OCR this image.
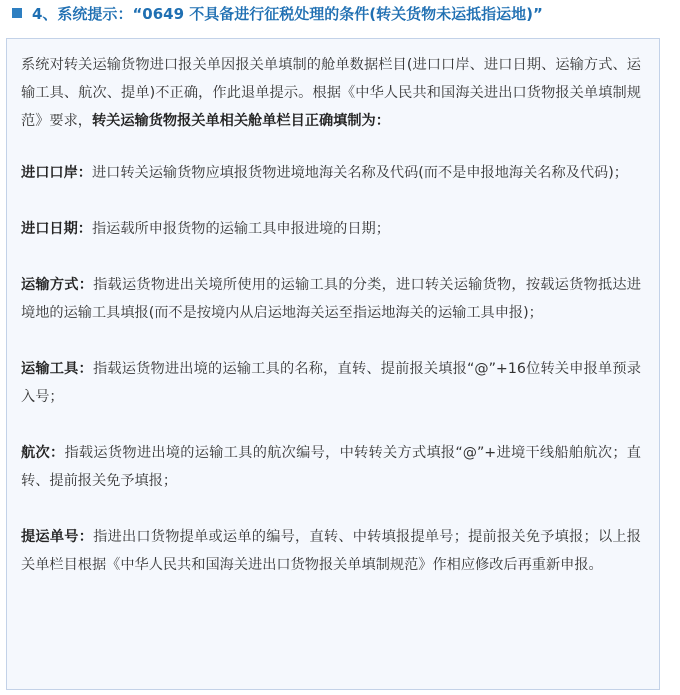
4、系统提示：“0649 不具备进行征税处理的条件(转关货物未运抵指运地)”

系统对转关运输货物进口报关单因报关单填制的舱单数据栏目(进口口岸、进口日期、运输方式、运输工具、航次、提单)不正确，作此退单提示。根据《中华人民共和国海关进出口货物报关单填制规范》要求，转关运输货物报关单相关舱单栏目正确填制为：

进口口岸：进口转关运输货物应填报货物进境地海关名称及代码(而不是申报地海关名称及代码)；

进口日期：指运载所申报货物的运输工具申报进境的日期；

运输方式：指载运货物进出关境所使用的运输工具的分类，进口转关运输货物，按载运货物抵达进境地的运输工具填报(而不是按境内从启运地海关运至指运地海关的运输工具申报)；

运输工具：指载运货物进出境的运输工具的名称，直转、提前报关填报“@”+16位转关申报单预录入号；

航次：指载运货物进出境的运输工具的航次编号，中转转关方式填报“@”+进境干线船舶航次；直转、提前报关免予填报；

提运单号：指进出口货物提单或运单的编号，直转、中转填报提单号；提前报关免予填报；以上报关单栏目根据《中华人民共和国海关进出口货物报关单填制规范》作相应修改后再重新申报。
